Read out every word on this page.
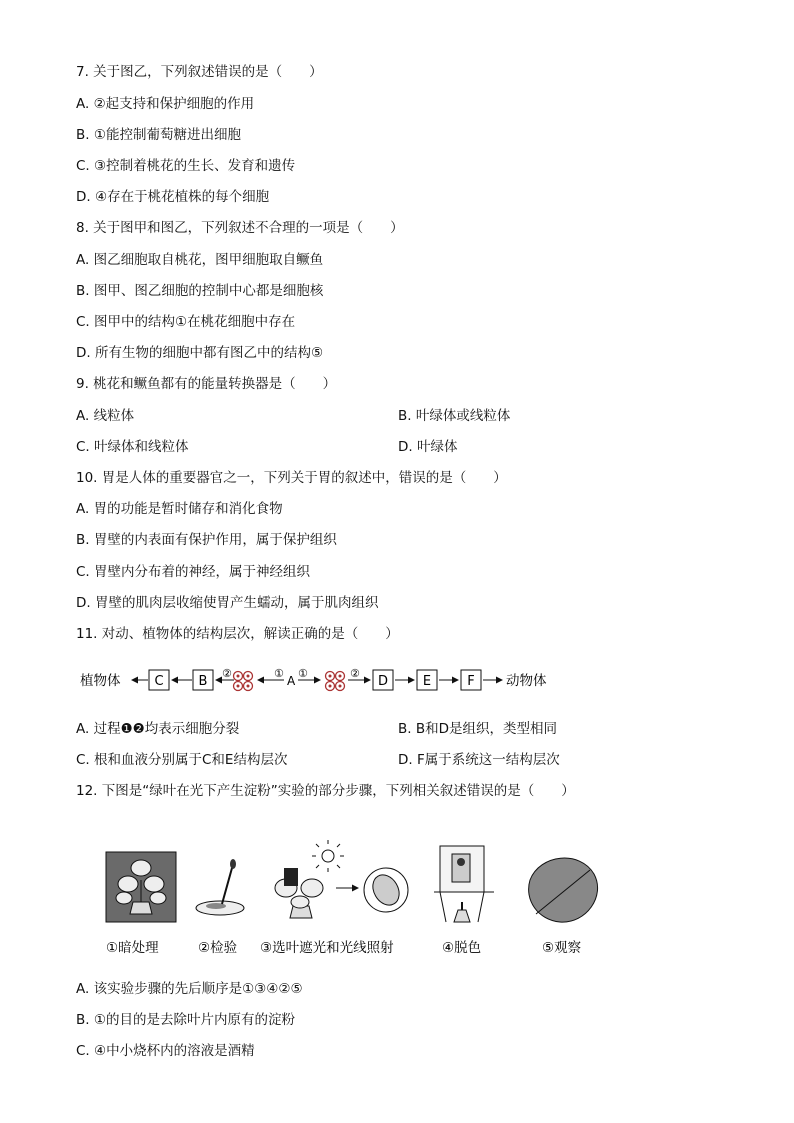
7. 关于图乙，下列叙述错误的是（　　）
A. ②起支持和保护细胞的作用
B. ①能控制葡萄糖进出细胞
C. ③控制着桃花的生长、发育和遗传
D. ④存在于桃花植株的每个细胞
8. 关于图甲和图乙，下列叙述不合理的一项是（　　）
A. 图乙细胞取自桃花，图甲细胞取自鳜鱼
B. 图甲、图乙细胞的控制中心都是细胞核
C. 图甲中的结构①在桃花细胞中存在
D. 所有生物的细胞中都有图乙中的结构⑤
9. 桃花和鳜鱼都有的能量转换器是（　　）
A. 线粒体	B. 叶绿体或线粒体
C. 叶绿体和线粒体	D. 叶绿体
10. 胃是人体的重要器官之一，下列关于胃的叙述中，错误的是（　　）
A. 胃的功能是暂时储存和消化食物
B. 胃壁的内表面有保护作用，属于保护组织
C. 胃壁内分布着的神经，属于神经组织
D. 胃壁的肌肉层收缩使胃产生蠕动，属于肌肉组织
11. 对动、植物体的结构层次，解读正确的是（　　）
植物体	C	B
②	①
A
①	②
D	E	F 动物体
A. 过程❶❷均表示细胞分裂	B. B和D是组织，类型相同
C. 根和血液分别属于C和E结构层次	D. F属于系统这一结构层次
12. 下图是“绿叶在光下产生淀粉”实验的部分步骤，下列相关叙述错误的是（　　）
①暗处理	②检验 ③选叶遮光和光线照射	④脱色	⑤观察
A. 该实验步骤的先后顺序是①③④②⑤
B. ①的目的是去除叶片内原有的淀粉
C. ④中小烧杯内的溶液是酒精
